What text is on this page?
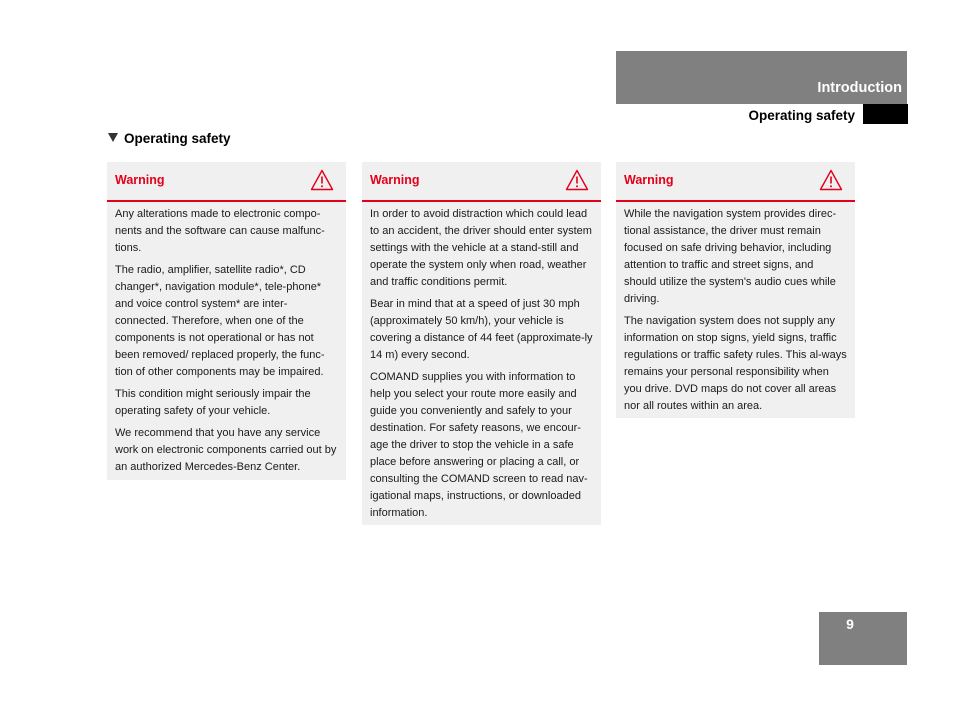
Introduction
Operating safety
Operating safety
Warning

Any alterations made to electronic compo-nents and the software can cause malfunc-tions.

The radio, amplifier, satellite radio*, CD changer*, navigation module*, tele-phone* and voice control system* are inter-connected. Therefore, when one of the components is not operational or has not been removed/ replaced properly, the func-tion of other components may be impaired.

This condition might seriously impair the operating safety of your vehicle.

We recommend that you have any service work on electronic components carried out by an authorized Mercedes-Benz Center.

Warning

In order to avoid distraction which could lead to an accident, the driver should enter system settings with the vehicle at a stand-still and operate the system only when road, weather and traffic conditions permit.

Bear in mind that at a speed of just 30 mph (approximately 50 km/h), your vehicle is covering a distance of 44 feet (approximate-ly 14 m) every second.

COMAND supplies you with information to help you select your route more easily and guide you conveniently and safely to your destination. For safety reasons, we encour-age the driver to stop the vehicle in a safe place before answering or placing a call, or consulting the COMAND screen to read nav-igational maps, instructions, or downloaded information.

Warning

While the navigation system provides direc-tional assistance, the driver must remain focused on safe driving behavior, including attention to traffic and street signs, and should utilize the system's audio cues while driving.

The navigation system does not supply any information on stop signs, yield signs, traffic regulations or traffic safety rules. This al-ways remains your personal responsibility when you drive. DVD maps do not cover all areas nor all routes within an area.

9
